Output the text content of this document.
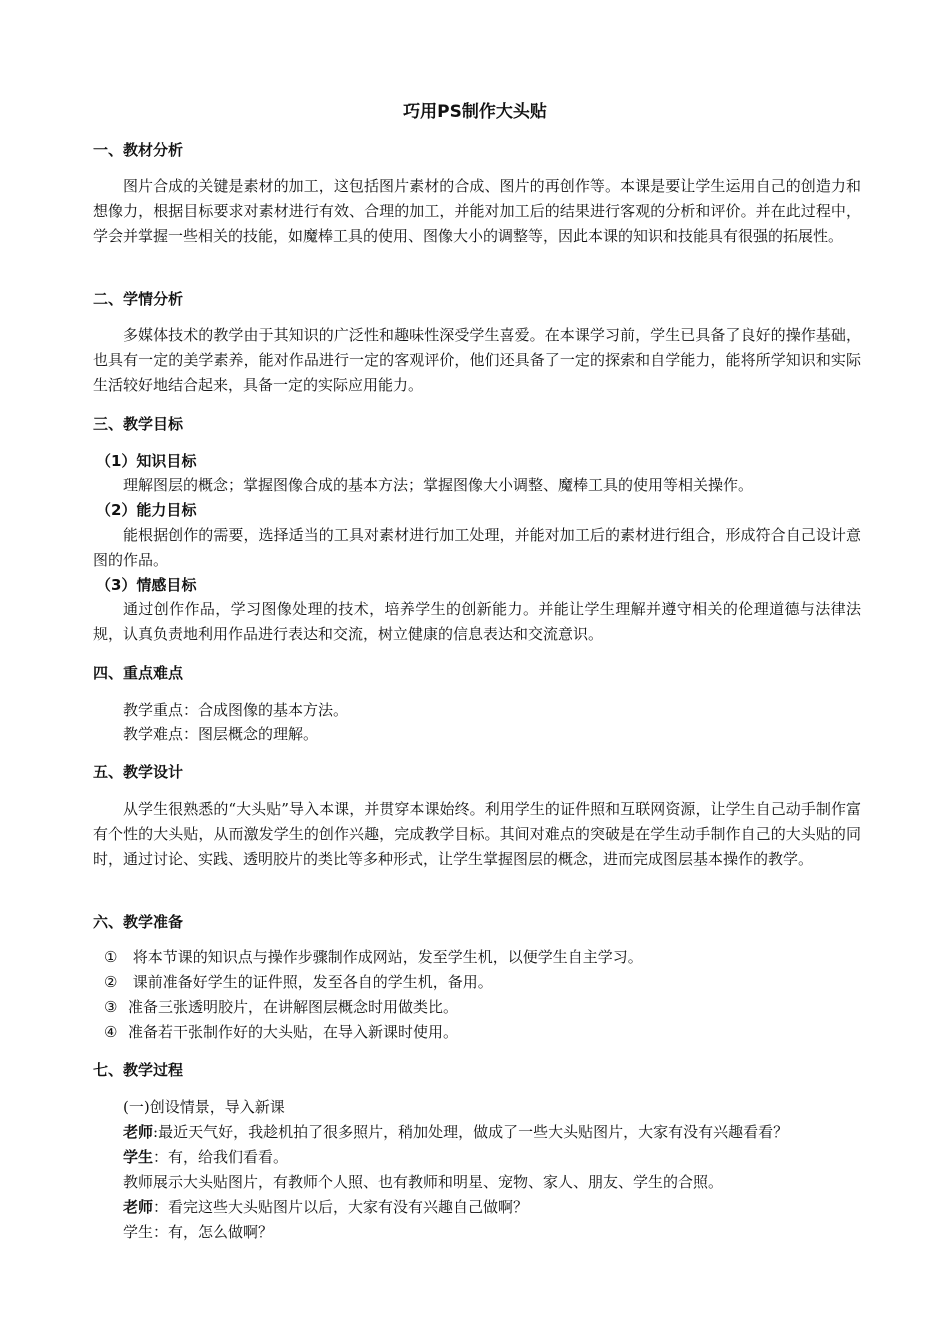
巧用PS制作大头贴
一、教材分析

图片合成的关键是素材的加工，这包括图片素材的合成、图片的再创作等。本课是要让学生运用自己的创造力和想像力，根据目标要求对素材进行有效、合理的加工，并能对加工后的结果进行客观的分析和评价。并在此过程中，学会并掌握一些相关的技能，如魔棒工具的使用、图像大小的调整等，因此本课的知识和技能具有很强的拓展性。

二、学情分析

多媒体技术的教学由于其知识的广泛性和趣味性深受学生喜爱。在本课学习前，学生已具备了良好的操作基础，也具有一定的美学素养，能对作品进行一定的客观评价，他们还具备了一定的探索和自学能力，能将所学知识和实际生活较好地结合起来，具备一定的实际应用能力。

三、教学目标
（1）知识目标
理解图层的概念；掌握图像合成的基本方法；掌握图像大小调整、魔棒工具的使用等相关操作。
（2）能力目标

能根据创作的需要，选择适当的工具对素材进行加工处理，并能对加工后的素材进行组合，形成符合自己设计意图的作品。

（3）情感目标

通过创作作品，学习图像处理的技术，培养学生的创新能力。并能让学生理解并遵守相关的伦理道德与法律法规，认真负责地利用作品进行表达和交流，树立健康的信息表达和交流意识。

四、重点难点
教学重点：合成图像的基本方法。
教学难点：图层概念的理解。
五、教学设计

从学生很熟悉的“大头贴”导入本课，并贯穿本课始终。利用学生的证件照和互联网资源，让学生自己动手制作富有个性的大头贴，从而激发学生的创作兴趣，完成教学目标。其间对难点的突破是在学生动手制作自己的大头贴的同时，通过讨论、实践、透明胶片的类比等多种形式，让学生掌握图层的概念，进而完成图层基本操作的教学。

六、教学准备
① 将本节课的知识点与操作步骤制作成网站，发至学生机，以便学生自主学习。
② 课前准备好学生的证件照，发至各自的学生机，备用。
③ 准备三张透明胶片，在讲解图层概念时用做类比。
④ 准备若干张制作好的大头贴，在导入新课时使用。
七、教学过程
(一)创设情景，导入新课
老师:最近天气好，我趁机拍了很多照片，稍加处理，做成了一些大头贴图片，大家有没有兴趣看看？
学生：有，给我们看看。
教师展示大头贴图片，有教师个人照、也有教师和明星、宠物、家人、朋友、学生的合照。
老师：看完这些大头贴图片以后，大家有没有兴趣自己做啊？
学生：有，怎么做啊？
